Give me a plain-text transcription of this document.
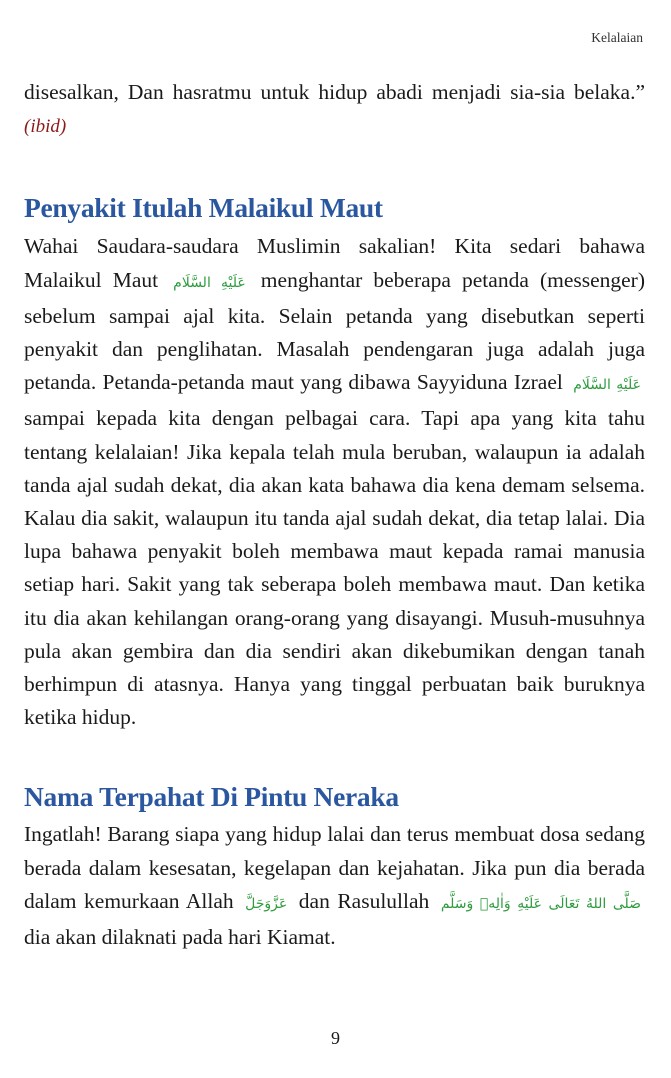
Kelalaian

disesalkan, Dan hasratmu untuk hidup abadi menjadi sia-sia belaka.” (ibid)

Penyakit Itulah Malaikul Maut

Wahai Saudara-saudara Muslimin sakalian! Kita sedari bahawa Malaikul Maut عَلَيْهِ السَّلَام menghantar beberapa petanda (messenger) sebelum sampai ajal kita. Selain petanda yang disebutkan seperti penyakit dan penglihatan. Masalah pendengaran juga adalah juga petanda. Petanda-petanda maut yang dibawa Sayyiduna Izrael عَلَيْهِ السَّلَام sampai kepada kita dengan pelbagai cara. Tapi apa yang kita tahu tentang kelalaian! Jika kepala telah mula beruban, walaupun ia adalah tanda ajal sudah dekat, dia akan kata bahawa dia kena demam selsema. Kalau dia sakit, walaupun itu tanda ajal sudah dekat, dia tetap lalai. Dia lupa bahawa penyakit boleh membawa maut kepada ramai manusia setiap hari. Sakit yang tak seberapa boleh membawa maut. Dan ketika itu dia akan kehilangan orang-orang yang disayangi. Musuh-musuhnya pula akan gembira dan dia sendiri akan dikebumikan dengan tanah berhimpun di atasnya. Hanya yang tinggal perbuatan baik buruknya ketika hidup.

Nama Terpahat Di Pintu Neraka

Ingatlah! Barang siapa yang hidup lalai dan terus membuat dosa sedang berada dalam kesesatan, kegelapan dan kejahatan. Jika pun dia berada dalam kemurkaan Allah عَزَّوَجَلَّ dan Rasulullah صَلَّى اللهُ تَعَالَى عَلَيْهِ وَاٰلِهٖ وَسَلَّم dia akan dilaknati pada hari Kiamat.

9
